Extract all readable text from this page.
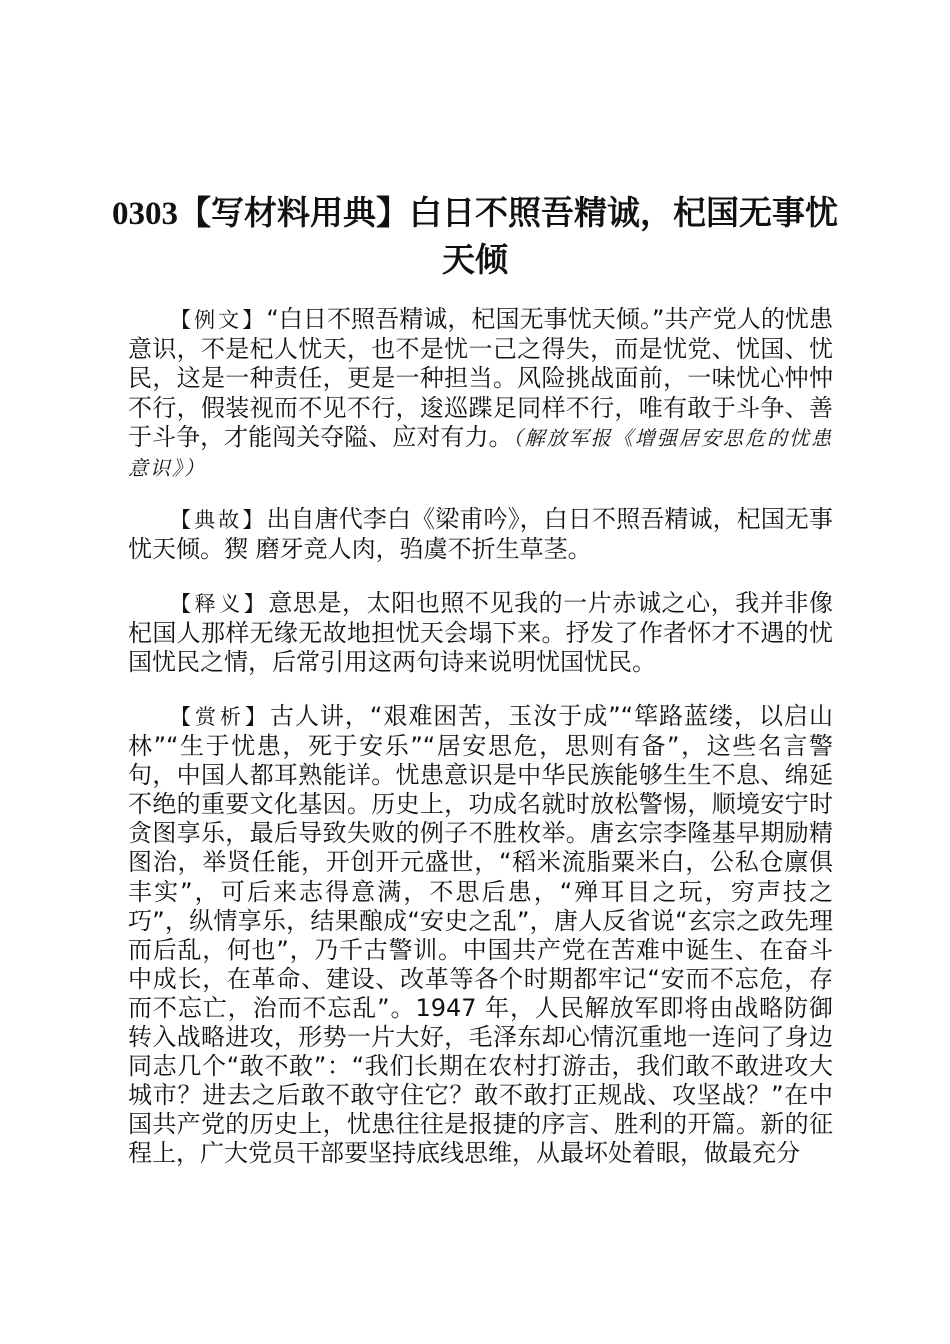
0303【写材料用典】白日不照吾精诚，杞国无事忧天倾

【例文】“白日不照吾精诚，杞国无事忧天倾。”共产党人的忧患意识，不是杞人忧天，也不是忧一己之得失，而是忧党、忧国、忧民，这是一种责任，更是一种担当。风险挑战面前，一味忧心忡忡不行，假装视而不见不行，逡巡蹀足同样不行，唯有敢于斗争、善于斗争，才能闯关夺隘、应对有力。（解放军报《增强居安思危的忧患意识》）

【典故】出自唐代李白《梁甫吟》，白日不照吾精诚，杞国无事忧天倾。猰 磨牙竞人肉，驺虞不折生草茎。

【释义】意思是，太阳也照不见我的一片赤诚之心，我并非像杞国人那样无缘无故地担忧天会塌下来。抒发了作者怀才不遇的忧国忧民之情，后常引用这两句诗来说明忧国忧民。

【赏析】古人讲，“艰难困苦，玉汝于成”“筚路蓝缕，以启山林”“生于忧患，死于安乐”“居安思危，思则有备”，这些名言警句，中国人都耳熟能详。忧患意识是中华民族能够生生不息、绵延不绝的重要文化基因。历史上，功成名就时放松警惕，顺境安宁时贪图享乐，最后导致失败的例子不胜枚举。唐玄宗李隆基早期励精图治，举贤任能，开创开元盛世，“稻米流脂粟米白，公私仓廪俱丰实”，可后来志得意满，不思后患，“殚耳目之玩，穷声技之巧”，纵情享乐，结果酿成“安史之乱”，唐人反省说“玄宗之政先理而后乱，何也”，乃千古警训。中国共产党在苦难中诞生、在奋斗中成长，在革命、建设、改革等各个时期都牢记“安而不忘危，存而不忘亡，治而不忘乱”。1947 年，人民解放军即将由战略防御转入战略进攻，形势一片大好，毛泽东却心情沉重地一连问了身边同志几个“敢不敢”：“我们长期在农村打游击，我们敢不敢进攻大城市？进去之后敢不敢守住它？敢不敢打正规战、攻坚战？”在中国共产党的历史上，忧患往往是报捷的序言、胜利的开篇。新的征程上，广大党员干部要坚持底线思维，从最坏处着眼，做最充分
